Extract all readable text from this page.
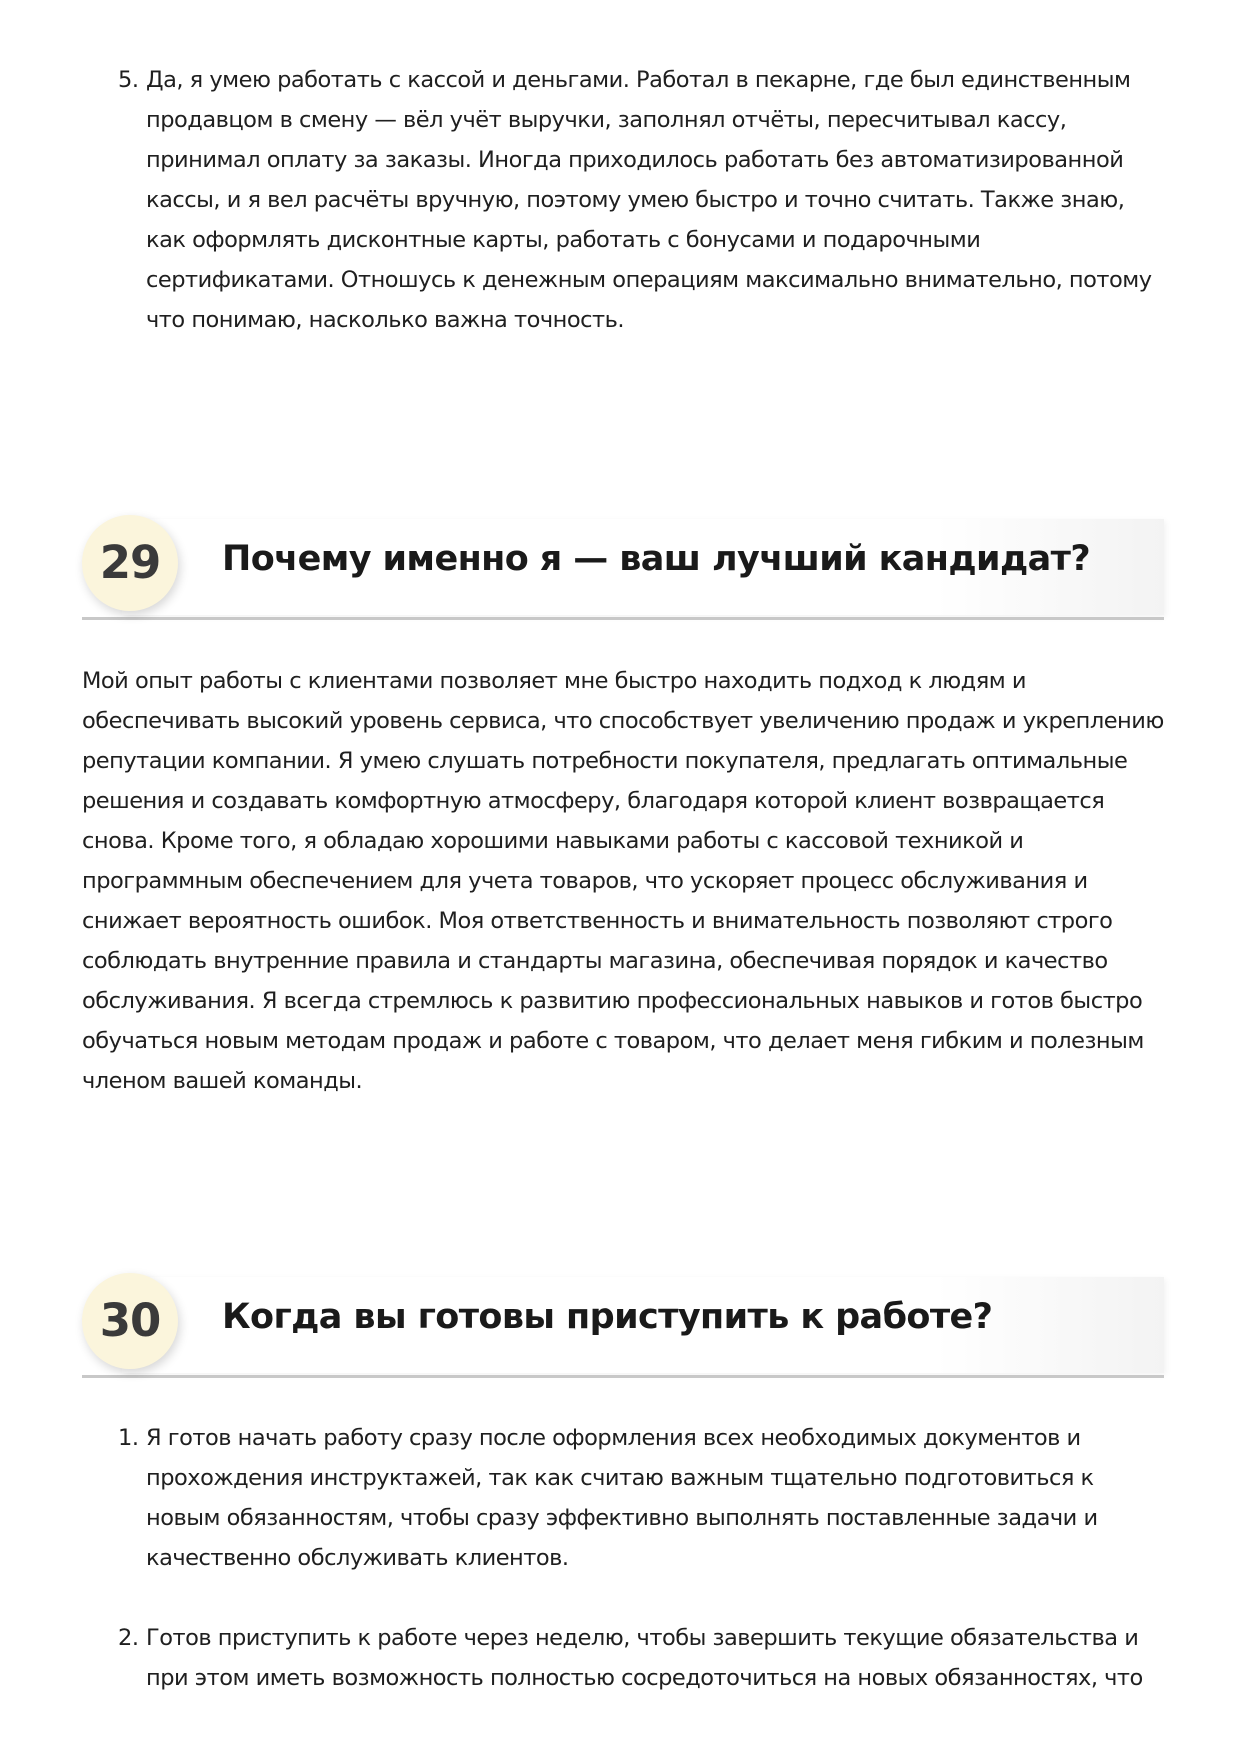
5. Да, я умею работать с кассой и деньгами. Работал в пекарне, где был единственным продавцом в смену — вёл учёт выручки, заполнял отчёты, пересчитывал кассу, принимал оплату за заказы. Иногда приходилось работать без автоматизированной кассы, и я вел расчёты вручную, поэтому умею быстро и точно считать. Также знаю, как оформлять дисконтные карты, работать с бонусами и подарочными сертификатами. Отношусь к денежным операциям максимально внимательно, потому что понимаю, насколько важна точность.
29	Почему именно я — ваш лучший кандидат?
Мой опыт работы с клиентами позволяет мне быстро находить подход к людям и обеспечивать высокий уровень сервиса, что способствует увеличению продаж и укреплению репутации компании. Я умею слушать потребности покупателя, предлагать оптимальные решения и создавать комфортную атмосферу, благодаря которой клиент возвращается снова. Кроме того, я обладаю хорошими навыками работы с кассовой техникой и программным обеспечением для учета товаров, что ускоряет процесс обслуживания и снижает вероятность ошибок. Моя ответственность и внимательность позволяют строго соблюдать внутренние правила и стандарты магазина, обеспечивая порядок и качество обслуживания. Я всегда стремлюсь к развитию профессиональных навыков и готов быстро обучаться новым методам продаж и работе с товаром, что делает меня гибким и полезным членом вашей команды.
30	Когда вы готовы приступить к работе?
1. Я готов начать работу сразу после оформления всех необходимых документов и прохождения инструктажей, так как считаю важным тщательно подготовиться к новым обязанностям, чтобы сразу эффективно выполнять поставленные задачи и качественно обслуживать клиентов.
2. Готов приступить к работе через неделю, чтобы завершить текущие обязательства и при этом иметь возможность полностью сосредоточиться на новых обязанностях, что
